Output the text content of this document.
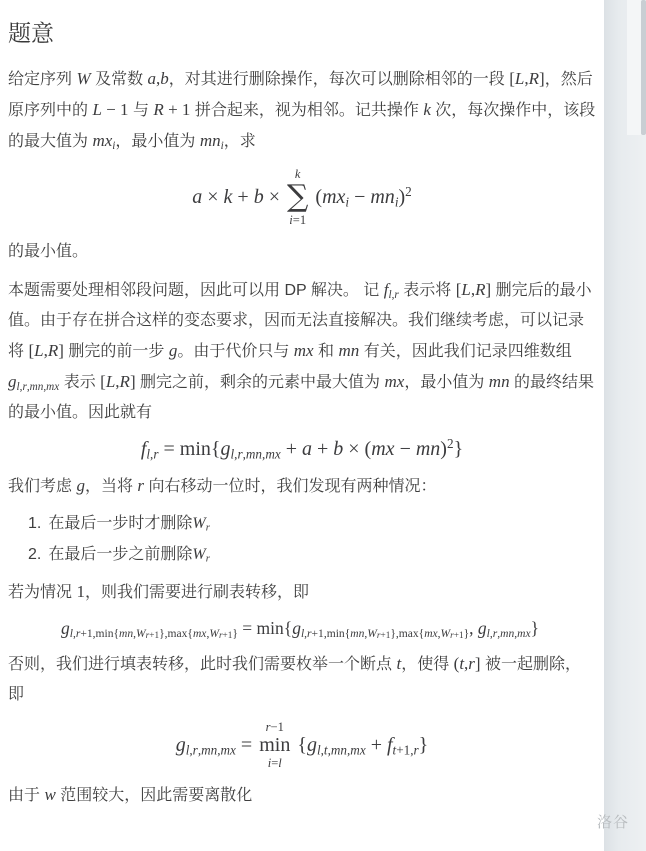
题意

给定序列 W 及常数 a,b，对其进行删除操作，每次可以删除相邻的一段 [L,R]，然后原序列中的 L − 1 与 R + 1 拼合起来，视为相邻。记共操作 k 次，每次操作中，该段的最大值为 $mx_i$，最小值为 $mn_i$，求

a × k + b ×
k
∑
i=1
$(mx_i - mn_i)^2$

的最小值。

本题需要处理相邻段问题，因此可以用 DP 解决。 记 $f_{l,r}$ 表示将 [L,R] 删完后的最小值。由于存在拼合这样的变态要求，因而无法直接解决。我们继续考虑，可以记录将 [L,R] 删完的前一步 g。由于代价只与 mx 和 mn 有关，因此我们记录四维数组 $g_{l,r,mn,mx}$ 表示 [L,R] 删完之前，剩余的元素中最大值为 mx，最小值为 mn 的最终结果的最小值。因此就有

$f_{l,r} = \min\{g_{l,r,mn,mx} + a + b \times (mx - mn)^2\}$

我们考虑 g，当将 r 向右移动一位时，我们发现有两种情况：

1. 在最后一步时才删除 $W_r$
2. 在最后一步之前删除 $W_r$

若为情况 1，则我们需要进行刷表转移，即

$g_{l,r+1,min\{mn,W_{r+1}\},max\{mx,W_{r+1}\}} = \min\{g_{l,r+1,min\{mn,W_{r+1}\},max\{mx,W_{r+1}\}}$, $g_{l,r,mn,mx}$}

否则，我们进行填表转移，此时我们需要枚举一个断点 t，使得 (t,r] 被一起删除，即

$g_{l,r,mn,mx}$ =
r−1
min
i=l
$\{g_{l,t,mn,mx} + f_{t+1,r}\}$

由于 w 范围较大，因此需要离散化

洛谷
